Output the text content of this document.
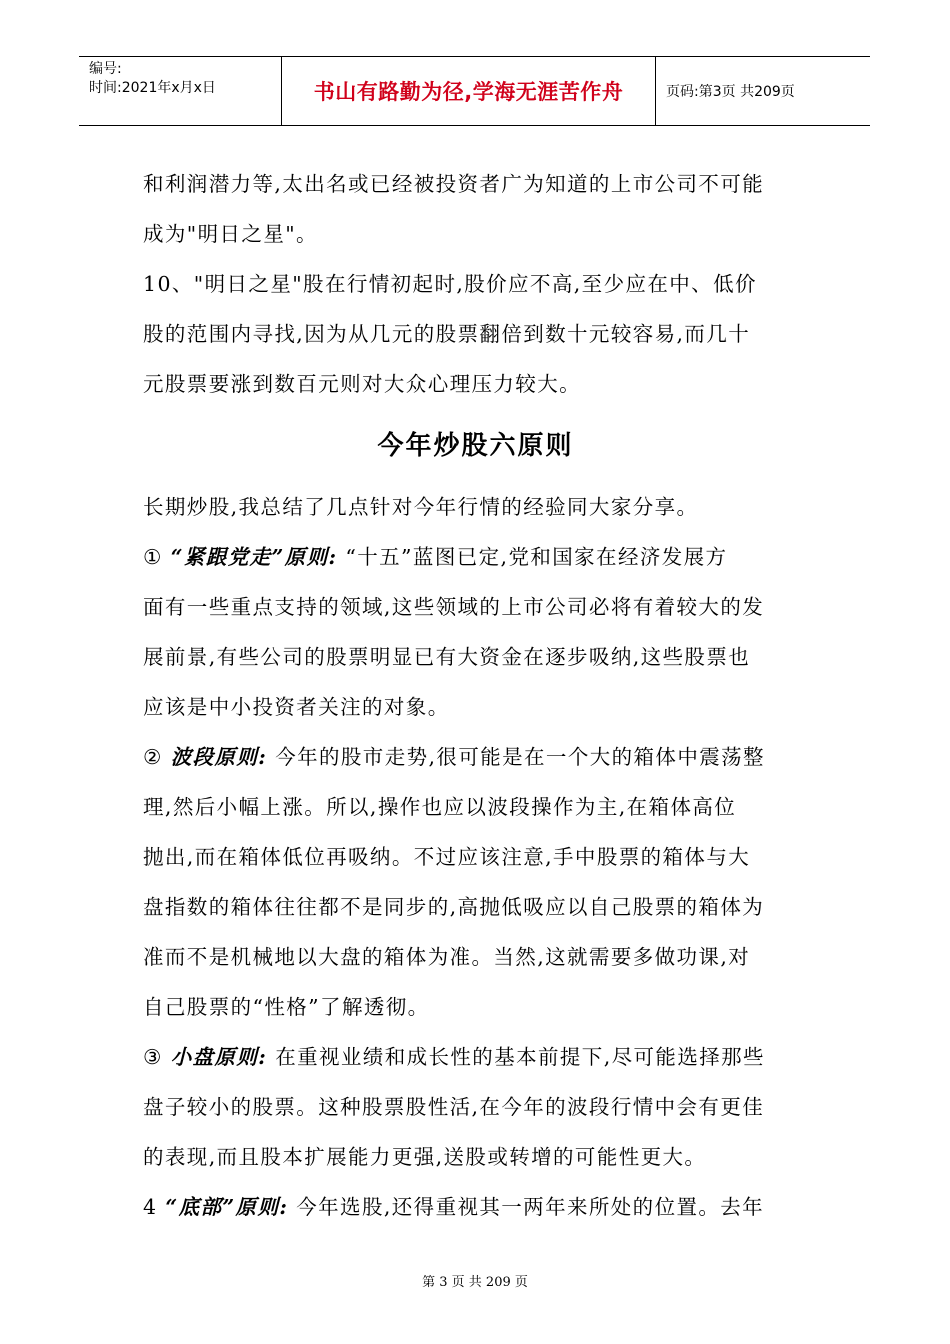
编号:
时间:2021年x月x日	书山有路勤为径,学海无涯苦作舟	页码:第3页 共209页
和利润潜力等,太出名或已经被投资者广为知道的上市公司不可能
成为"明日之星"。
10、"明日之星"股在行情初起时,股价应不高,至少应在中、低价
股的范围内寻找,因为从几元的股票翻倍到数十元较容易,而几十
元股票要涨到数百元则对大众心理压力较大。
今年炒股六原则
长期炒股,我总结了几点针对今年行情的经验同大家分享。
① “紧跟党走”原则: “十五”蓝图已定,党和国家在经济发展方
面有一些重点支持的领域,这些领域的上市公司必将有着较大的发
展前景,有些公司的股票明显已有大资金在逐步吸纳,这些股票也
应该是中小投资者关注的对象。
② 波段原则: 今年的股市走势,很可能是在一个大的箱体中震荡整
理,然后小幅上涨。所以,操作也应以波段操作为主,在箱体高位
抛出,而在箱体低位再吸纳。不过应该注意,手中股票的箱体与大
盘指数的箱体往往都不是同步的,高抛低吸应以自己股票的箱体为
准而不是机械地以大盘的箱体为准。当然,这就需要多做功课,对
自己股票的“性格”了解透彻。
③ 小盘原则: 在重视业绩和成长性的基本前提下,尽可能选择那些
盘子较小的股票。这种股票股性活,在今年的波段行情中会有更佳
的表现,而且股本扩展能力更强,送股或转增的可能性更大。
4 “底部”原则: 今年选股,还得重视其一两年来所处的位置。去年
第 3 页 共 209 页
